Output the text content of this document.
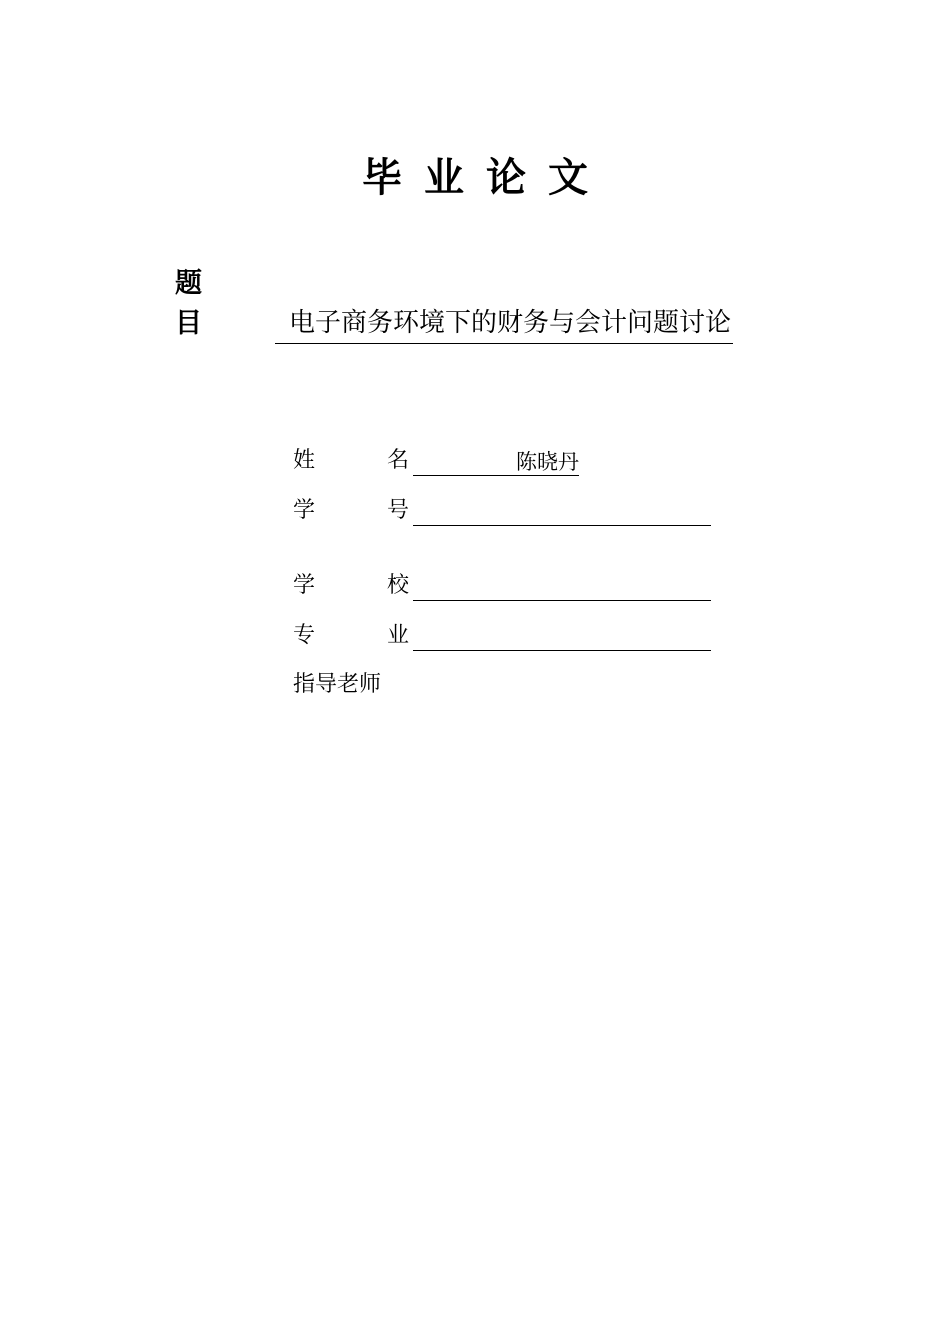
毕业论文
题目	电子商务环境下的财务与会计问题讨论
姓	名	陈晓丹
学	号
学	校
专	业
指导老师
